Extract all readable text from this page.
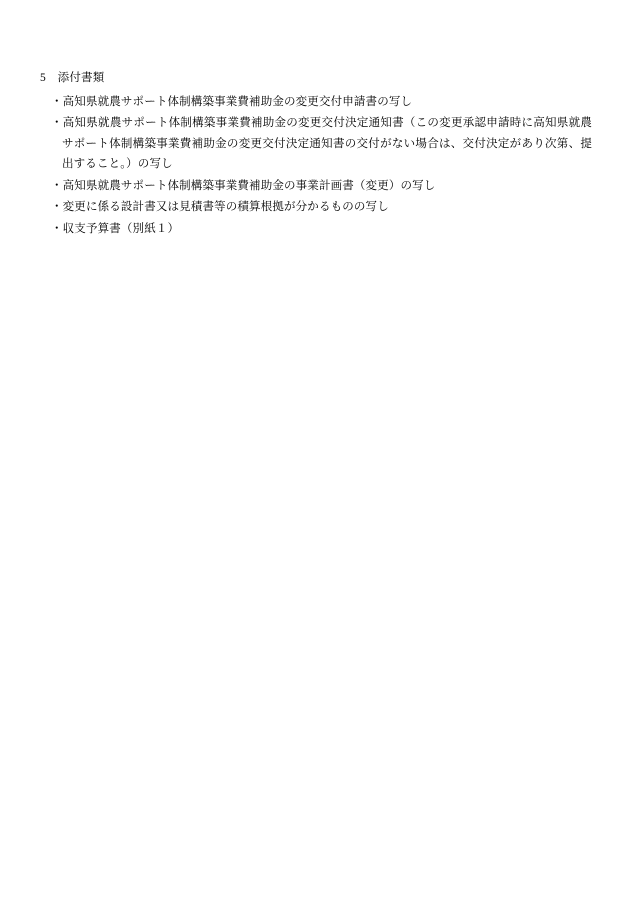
5　添付書類
・高知県就農サポート体制構築事業費補助金の変更交付申請書の写し
・高知県就農サポート体制構築事業費補助金の変更交付決定通知書（この変更承認申請時に高知県就農サポート体制構築事業費補助金の変更交付決定通知書の交付がない場合は、交付決定があり次第、提出すること。）の写し
・高知県就農サポート体制構築事業費補助金の事業計画書（変更）の写し
・変更に係る設計書又は見積書等の積算根拠が分かるものの写し
・収支予算書（別紙１）
